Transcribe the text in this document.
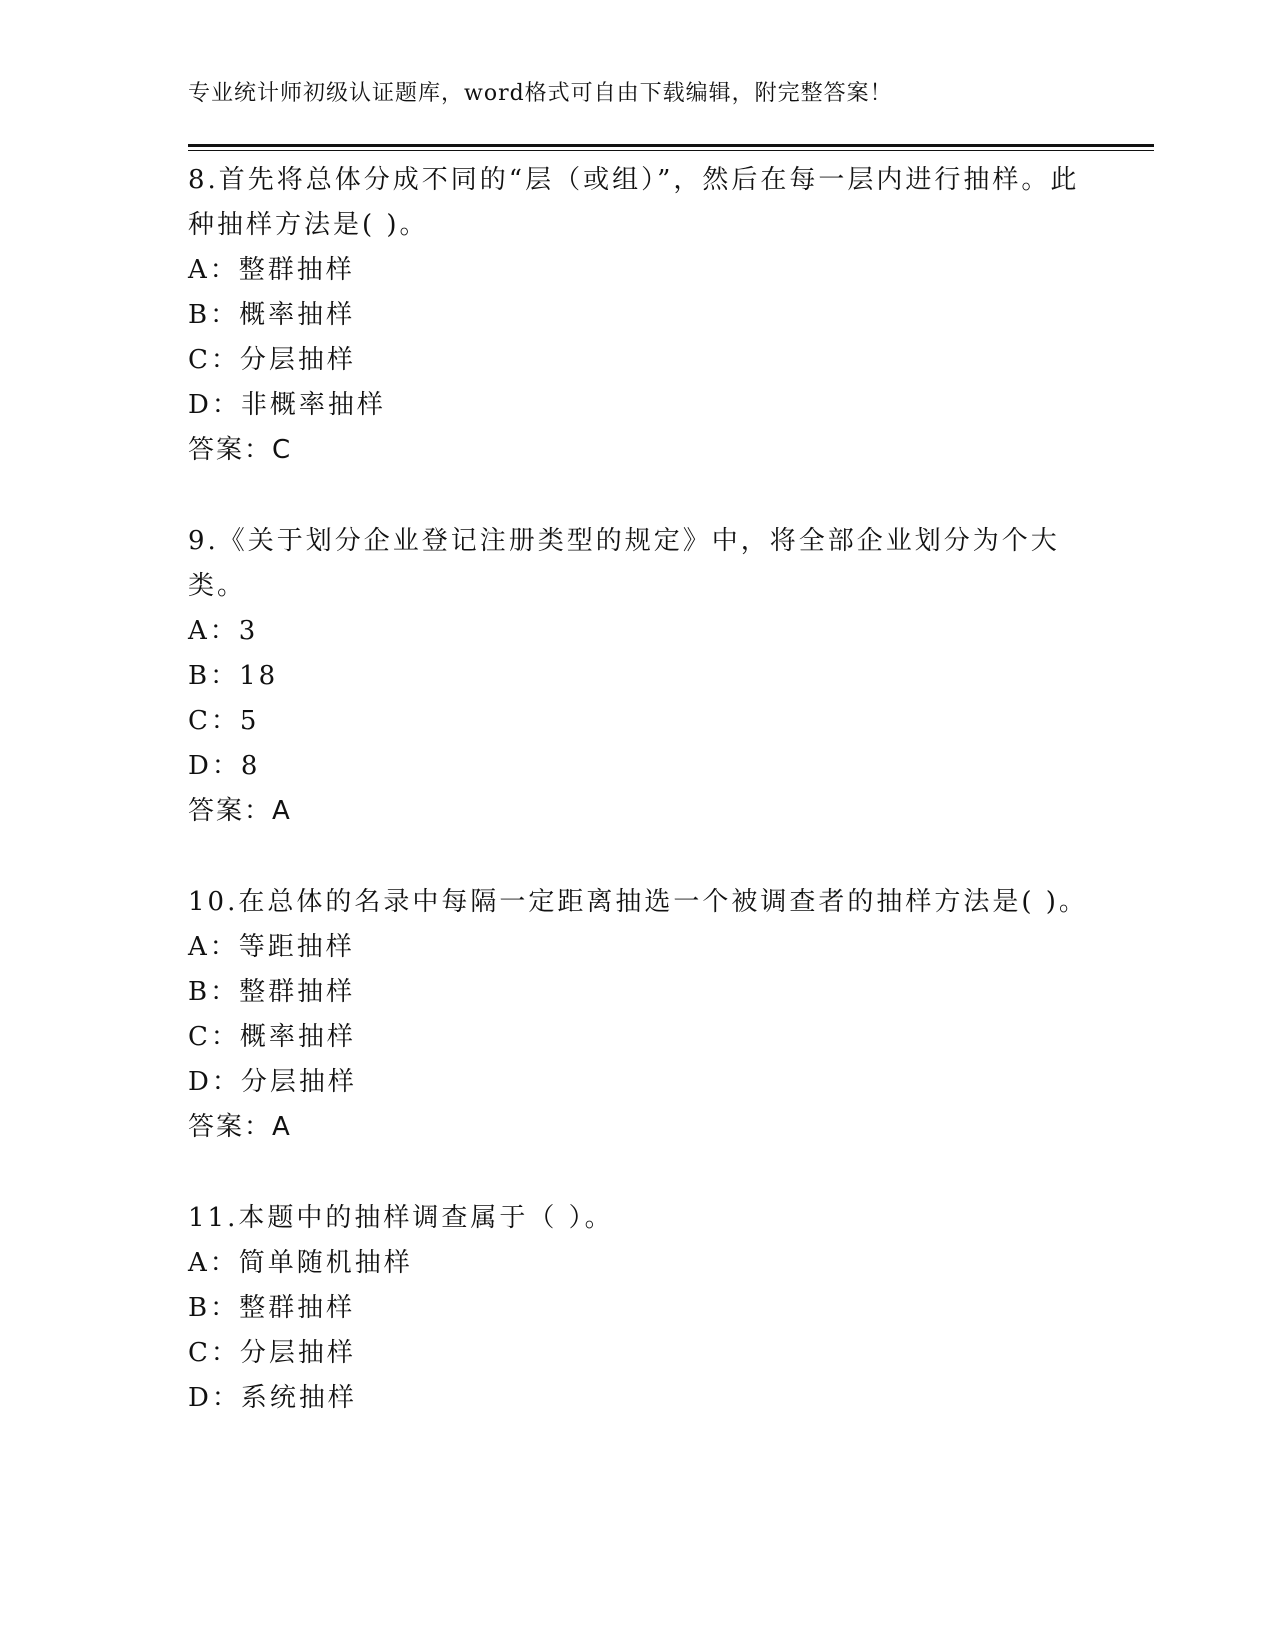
专业统计师初级认证题库，word格式可自由下载编辑，附完整答案！

8.首先将总体分成不同的“层（或组）”，然后在每一层内进行抽样。此种抽样方法是( )。

A：整群抽样

B：概率抽样

C：分层抽样

D：非概率抽样

答案：C

9.《关于划分企业登记注册类型的规定》中，将全部企业划分为个大类。

A：3

B：18

C：5

D：8

答案：A

10.在总体的名录中每隔一定距离抽选一个被调查者的抽样方法是( )。

A：等距抽样

B：整群抽样

C：概率抽样

D：分层抽样

答案：A

11.本题中的抽样调查属于（ ）。

A：简单随机抽样

B：整群抽样

C：分层抽样

D：系统抽样
